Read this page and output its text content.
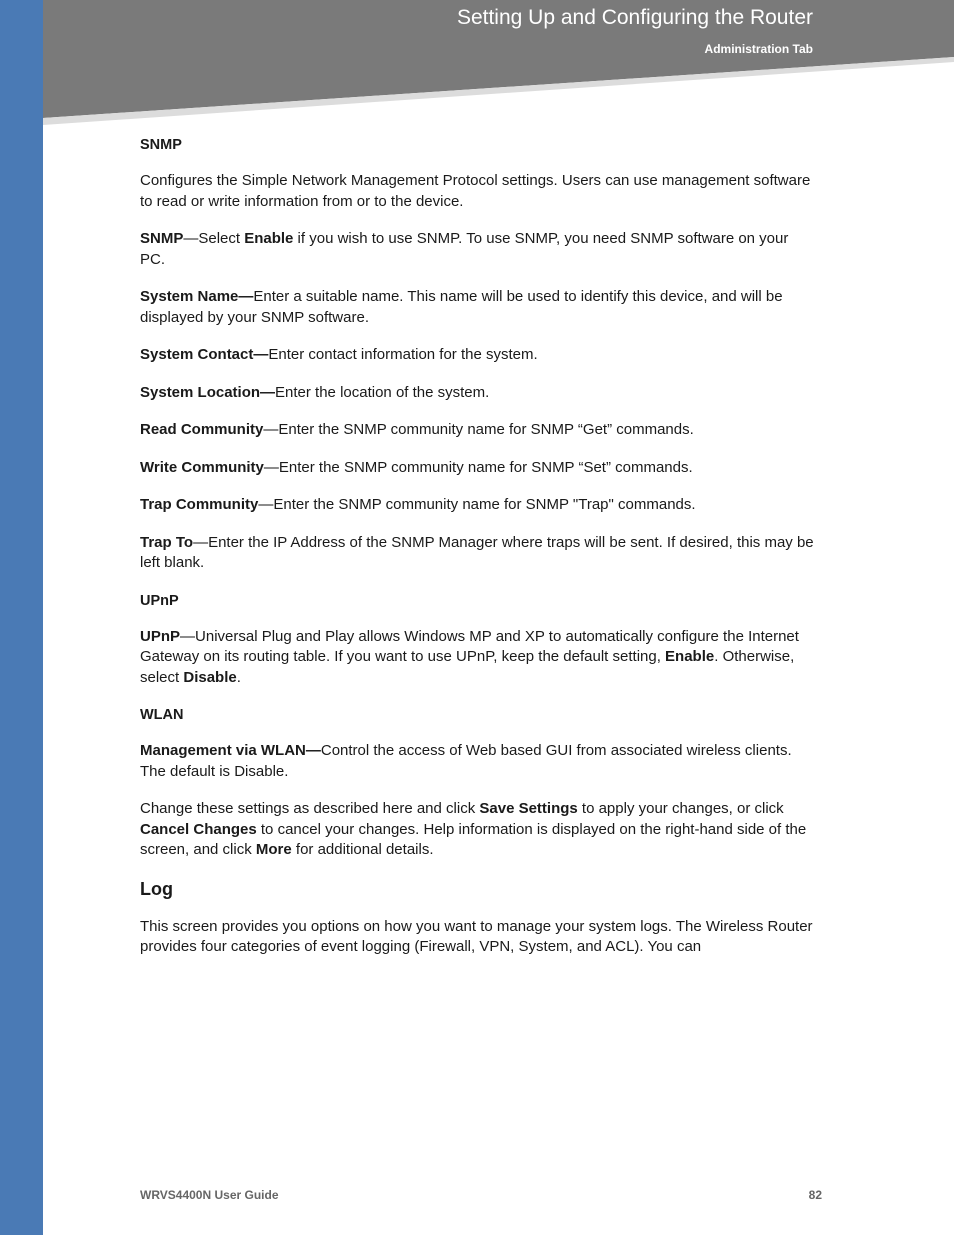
Setting Up and Configuring the Router
Administration Tab
SNMP

Configures the Simple Network Management Protocol settings. Users can use management software to read or write information from or to the device.

SNMP—Select Enable if you wish to use SNMP. To use SNMP, you need SNMP software on your PC.

System Name—Enter a suitable name. This name will be used to identify this device, and will be displayed by your SNMP software.

System Contact—Enter contact information for the system.

System Location—Enter the location of the system.

Read Community—Enter the SNMP community name for SNMP “Get” commands.

Write Community—Enter the SNMP community name for SNMP “Set” commands.

Trap Community—Enter the SNMP community name for SNMP "Trap" commands.

Trap To—Enter the IP Address of the SNMP Manager where traps will be sent. If desired, this may be left blank.

UPnP

UPnP—Universal Plug and Play allows Windows MP and XP to automatically configure the Internet Gateway on its routing table. If you want to use UPnP, keep the default setting, Enable. Otherwise, select Disable.

WLAN

Management via WLAN—Control the access of Web based GUI from associated wireless clients. The default is Disable.

Change these settings as described here and click Save Settings to apply your changes, or click Cancel Changes to cancel your changes. Help information is displayed on the right-hand side of the screen, and click More for additional details.

Log

This screen provides you options on how you want to manage your system logs. The Wireless Router provides four categories of event logging (Firewall, VPN, System, and ACL). You can

WRVS4400N User Guide	82
